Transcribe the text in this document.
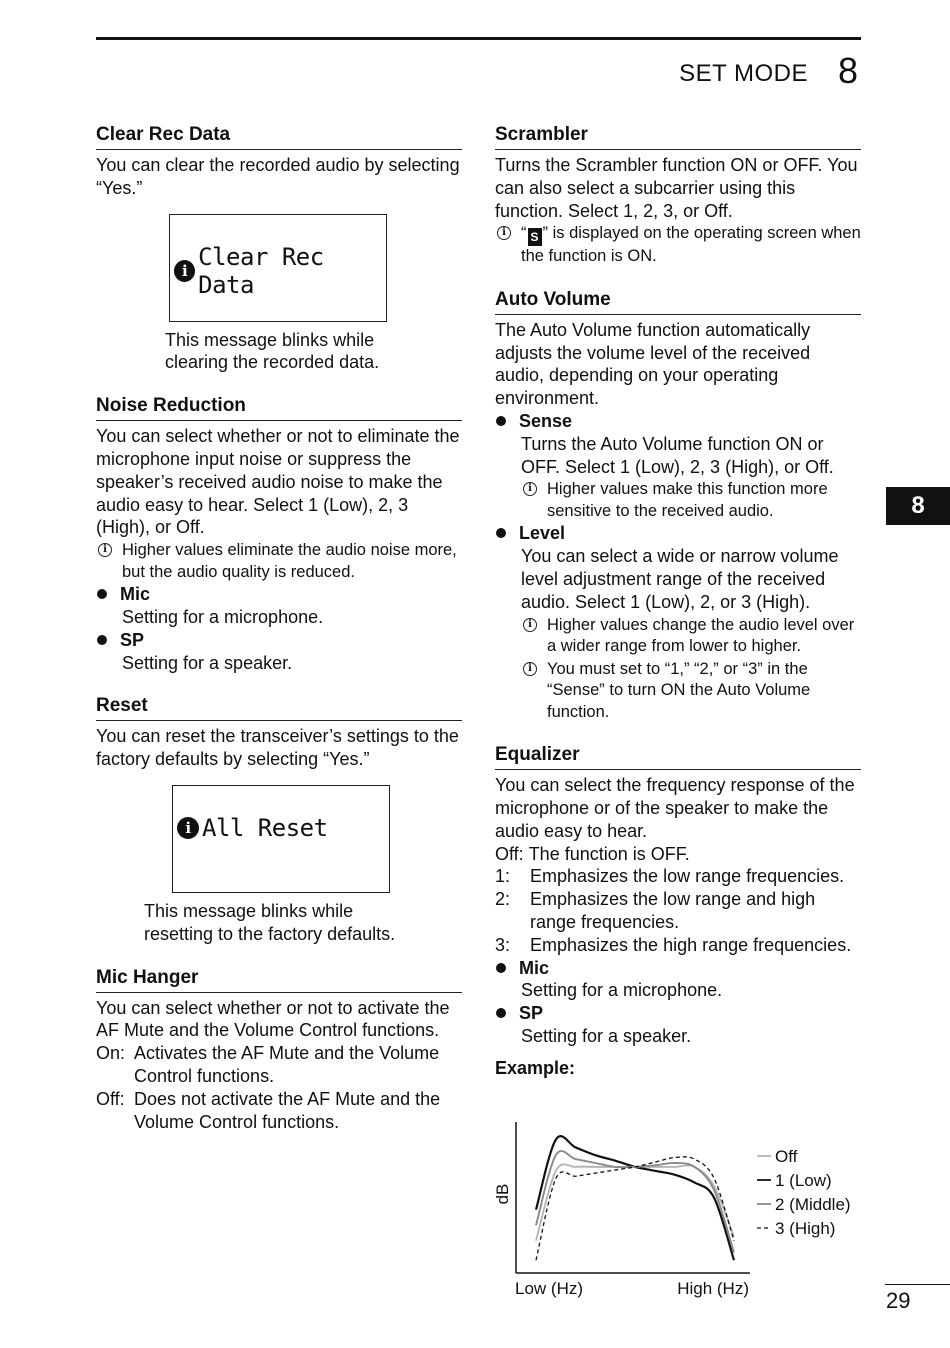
SET MODE 8
8
29
Clear Rec Data
You can clear the recorded audio by selecting “Yes.”
i Clear Rec Data
This message blinks while
clearing the recorded data.
Noise Reduction
You can select whether or not to eliminate the microphone input noise or suppress the speaker’s received audio noise to make the audio easy to hear. Select 1 (Low), 2, 3 (High), or Off.
i Higher values eliminate the audio noise more, but the audio quality is reduced.
Mic
Setting for a microphone.
SP
Setting for a speaker.
Reset
You can reset the transceiver’s settings to the factory defaults by selecting “Yes.”
i All Reset
This message blinks while
resetting to the factory defaults.
Mic Hanger
You can select whether or not to activate the AF Mute and the Volume Control functions.
On: Activates the AF Mute and the Volume Control functions.
Off: Does not activate the AF Mute and the Volume Control functions.
Scrambler
Turns the Scrambler function ON or OFF. You can also select a subcarrier using this function. Select 1, 2, 3, or Off.
i “ S ” is displayed on the operating screen when the function is ON.
Auto Volume
The Auto Volume function automatically adjusts the volume level of the received audio, depending on your operating environment.
Sense
Turns the Auto Volume function ON or OFF. Select 1 (Low), 2, 3 (High), or Off.
i Higher values make this function more sensitive to the received audio.
Level
You can select a wide or narrow volume level adjustment range of the received audio. Select 1 (Low), 2, or 3 (High).
i Higher values change the audio level over a wider range from lower to higher.
i You must set to “1,” “2,” or “3” in the “Sense” to turn ON the Auto Volume function.
Equalizer
You can select the frequency response of the microphone or of the speaker to make the audio easy to hear.
Off: The function is OFF.
1:	Emphasizes the low range frequencies.
2:	Emphasizes the low range and high range frequencies.
3:	Emphasizes the high range frequencies.
Mic
Setting for a microphone.
SP
Setting for a speaker.
Example:
dB
Low (Hz)	High (Hz)
Off
1 (Low)
2 (Middle)
3 (High)
